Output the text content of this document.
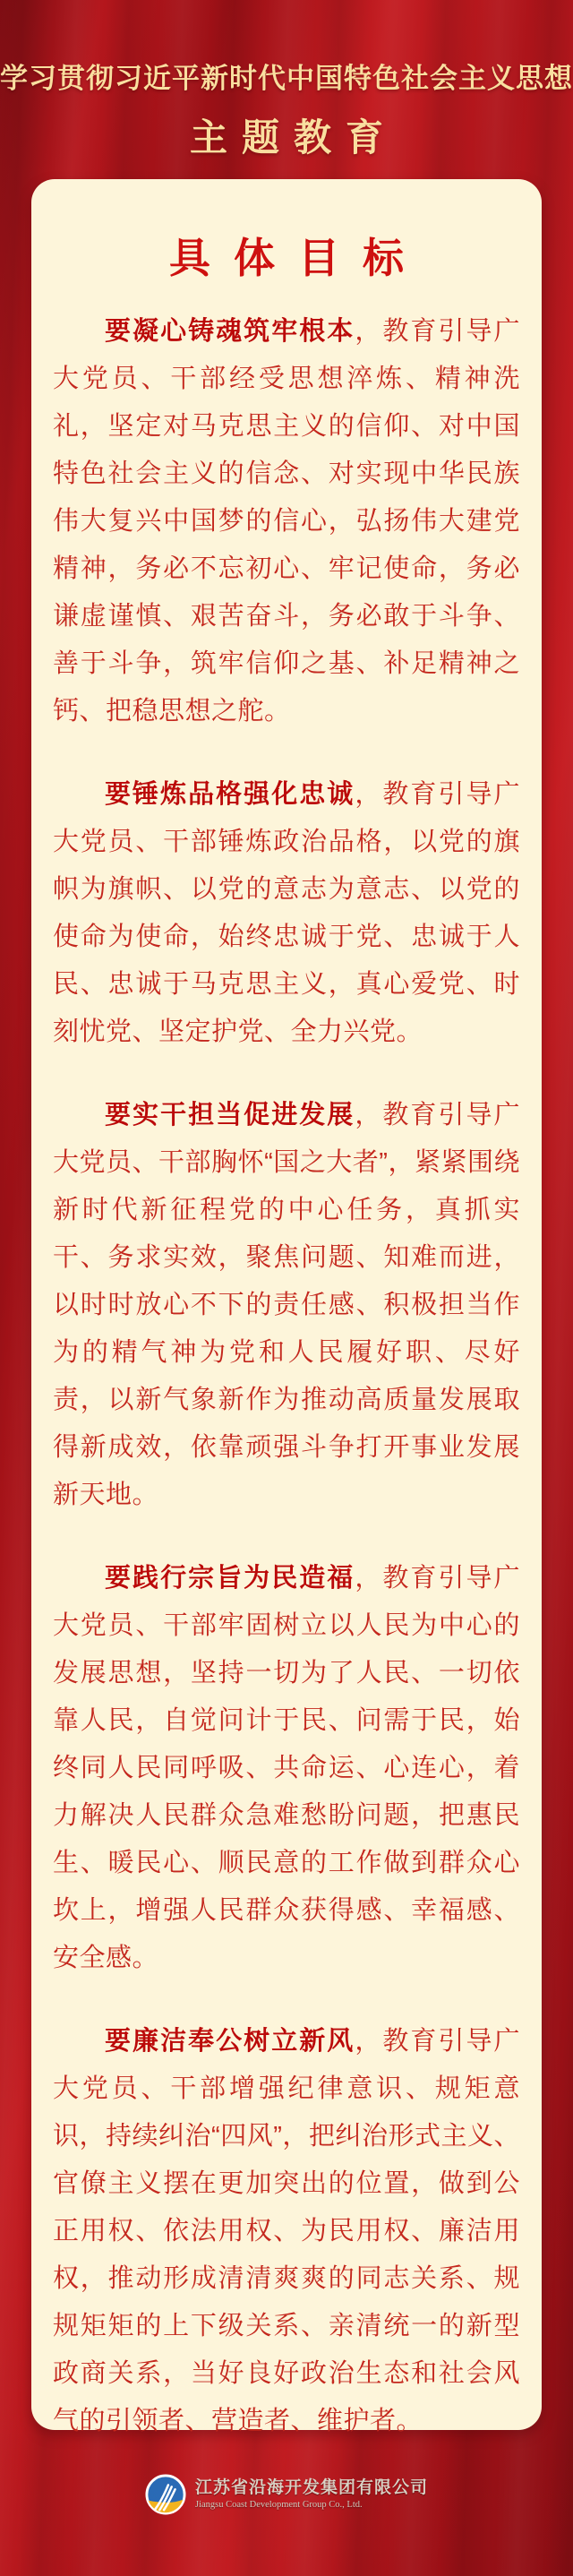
学习贯彻习近平新时代中国特色社会主义思想
主题教育
具体目标

要凝心铸魂筑牢根本，教育引导广大党员、干部经受思想淬炼、精神洗礼，坚定对马克思主义的信仰、对中国特色社会主义的信念、对实现中华民族伟大复兴中国梦的信心，弘扬伟大建党精神，务必不忘初心、牢记使命，务必谦虚谨慎、艰苦奋斗，务必敢于斗争、善于斗争，筑牢信仰之基、补足精神之钙、把稳思想之舵。

要锤炼品格强化忠诚，教育引导广大党员、干部锤炼政治品格，以党的旗帜为旗帜、以党的意志为意志、以党的使命为使命，始终忠诚于党、忠诚于人民、忠诚于马克思主义，真心爱党、时刻忧党、坚定护党、全力兴党。

要实干担当促进发展，教育引导广大党员、干部胸怀“国之大者”，紧紧围绕新时代新征程党的中心任务，真抓实干、务求实效，聚焦问题、知难而进，以时时放心不下的责任感、积极担当作为的精气神为党和人民履好职、尽好责，以新气象新作为推动高质量发展取得新成效，依靠顽强斗争打开事业发展新天地。

要践行宗旨为民造福，教育引导广大党员、干部牢固树立以人民为中心的发展思想，坚持一切为了人民、一切依靠人民，自觉问计于民、问需于民，始终同人民同呼吸、共命运、心连心，着力解决人民群众急难愁盼问题，把惠民生、暖民心、顺民意的工作做到群众心坎上，增强人民群众获得感、幸福感、安全感。

要廉洁奉公树立新风，教育引导广大党员、干部增强纪律意识、规矩意识，持续纠治“四风”，把纠治形式主义、官僚主义摆在更加突出的位置，做到公正用权、依法用权、为民用权、廉洁用权，推动形成清清爽爽的同志关系、规规矩矩的上下级关系、亲清统一的新型政商关系，当好良好政治生态和社会风气的引领者、营造者、维护者。

江苏省沿海开发集团有限公司
Jiangsu Coast Development Group Co., Ltd.
